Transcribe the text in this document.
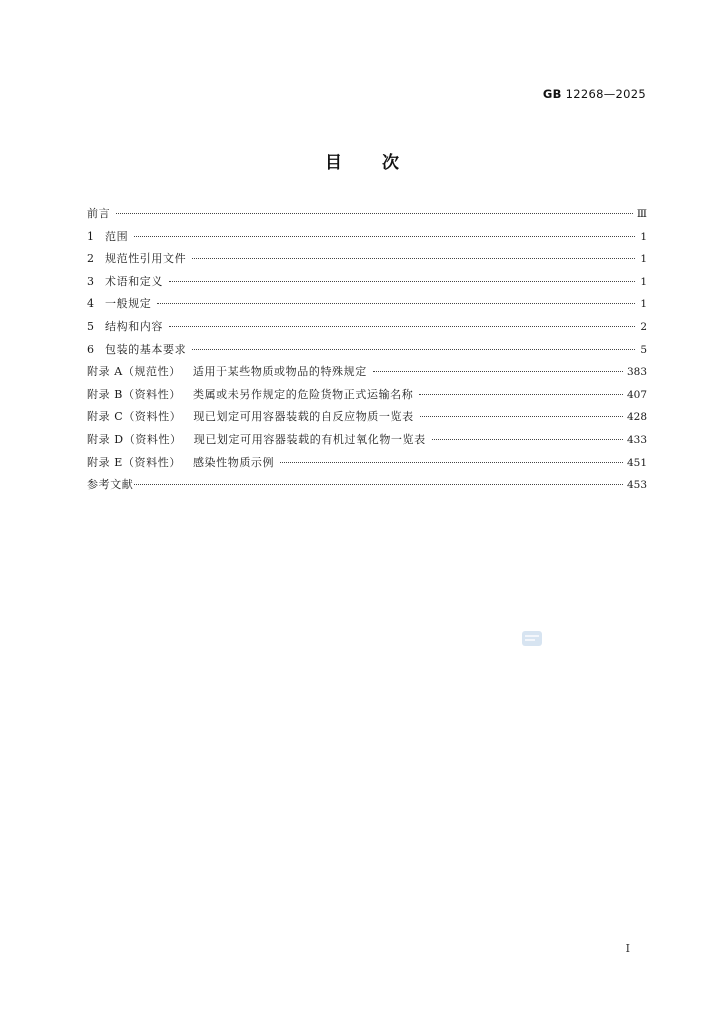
GB 12268—2025
目次
前言	Ⅲ
1	范围	1
2	规范性引用文件	1
3	术语和定义	1
4	一般规定	1
5	结构和内容	2
6	包装的基本要求	5
附录 A（规范性） 适用于某些物质或物品的特殊规定	383
附录 B（资料性） 类属或未另作规定的危险货物正式运输名称	407
附录 C（资料性） 现已划定可用容器装载的自反应物质一览表	428
附录 D（资料性） 现已划定可用容器装载的有机过氧化物一览表	433
附录 E（资料性） 感染性物质示例	451
参考文献	453
I
